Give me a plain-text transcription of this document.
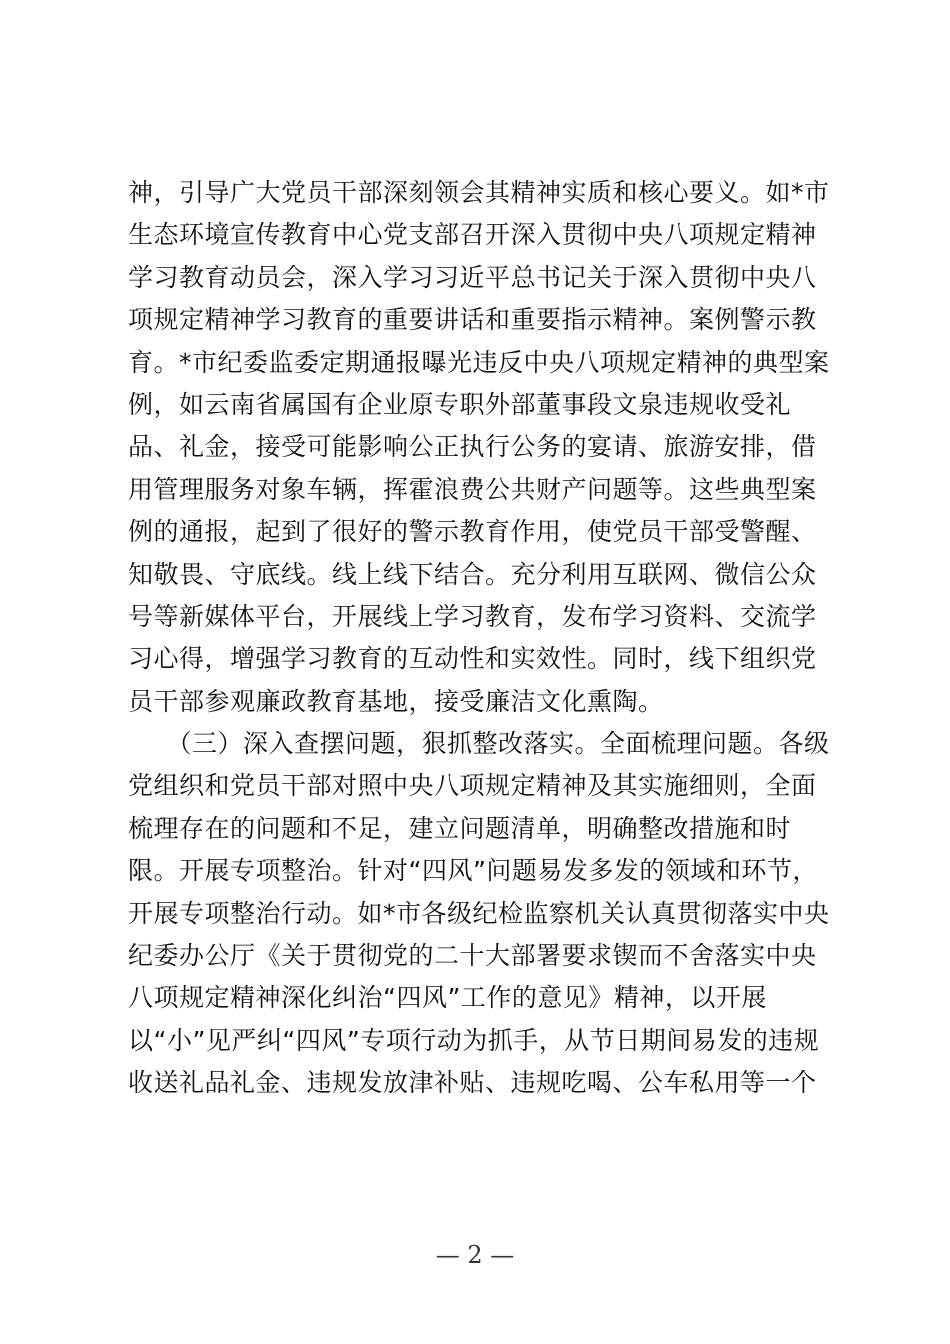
神，引导广大党员干部深刻领会其精神实质和核心要义。如*市
生态环境宣传教育中心党支部召开深入贯彻中央八项规定精神
学习教育动员会，深入学习习近平总书记关于深入贯彻中央八
项规定精神学习教育的重要讲话和重要指示精神。案例警示教
育。*市纪委监委定期通报曝光违反中央八项规定精神的典型案
例，如云南省属国有企业原专职外部董事段文泉违规收受礼
品、礼金，接受可能影响公正执行公务的宴请、旅游安排，借
用管理服务对象车辆，挥霍浪费公共财产问题等。这些典型案
例的通报，起到了很好的警示教育作用，使党员干部受警醒、
知敬畏、守底线。线上线下结合。充分利用互联网、微信公众
号等新媒体平台，开展线上学习教育，发布学习资料、交流学
习心得，增强学习教育的互动性和实效性。同时，线下组织党
员干部参观廉政教育基地，接受廉洁文化熏陶。
　　（三）深入查摆问题，狠抓整改落实。全面梳理问题。各级
党组织和党员干部对照中央八项规定精神及其实施细则，全面
梳理存在的问题和不足，建立问题清单，明确整改措施和时
限。开展专项整治。针对“四风”问题易发多发的领域和环节，
开展专项整治行动。如*市各级纪检监察机关认真贯彻落实中央
纪委办公厅《关于贯彻党的二十大部署要求锲而不舍落实中央
八项规定精神深化纠治“四风”工作的意见》精神，以开展
以“小”见严纠“四风”专项行动为抓手，从节日期间易发的违规
收送礼品礼金、违规发放津补贴、违规吃喝、公车私用等一个
— 2 —
